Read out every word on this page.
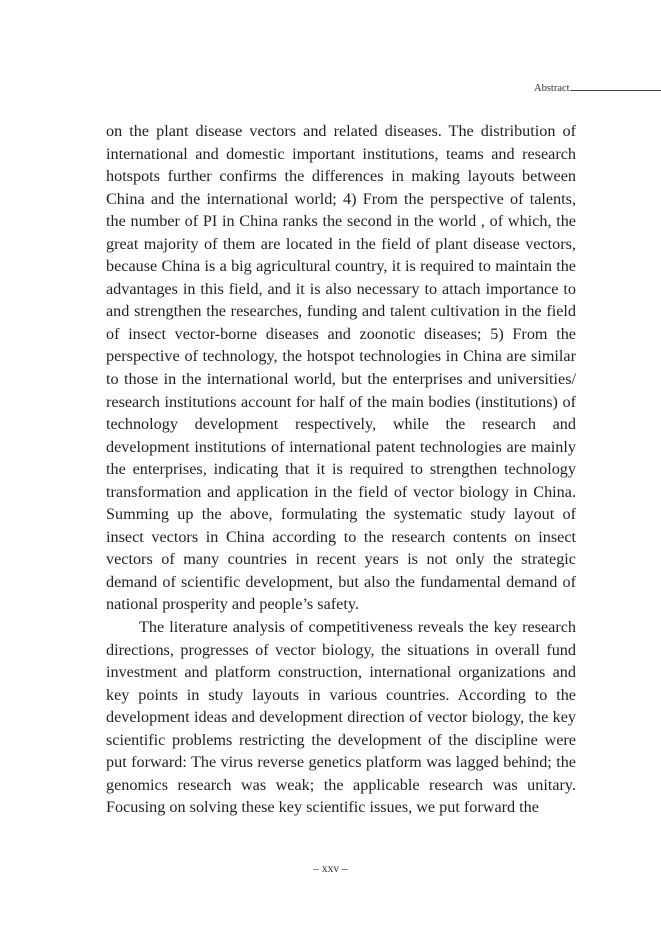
Abstract

on the plant disease vectors and related diseases. The distribution of international and domestic important institutions, teams and research hotspots further confirms the differences in making layouts between China and the international world; 4) From the perspective of talents, the number of PI in China ranks the second in the world , of which, the great majority of them are located in the field of plant disease vectors, because China is a big agricultural country, it is required to maintain the advantages in this field, and it is also necessary to attach importance to and strengthen the researches, funding and talent cultivation in the field of insect vector-borne diseases and zoonotic diseases; 5) From the perspective of technology, the hotspot technologies in China are similar to those in the international world, but the enterprises and universities/ research institutions account for half of the main bodies (institutions) of technology development respectively, while the research and development institutions of international patent technologies are mainly the enterprises, indicating that it is required to strengthen technology transformation and application in the field of vector biology in China. Summing up the above, formulating the systematic study layout of insect vectors in China according to the research contents on insect vectors of many countries in recent years is not only the strategic demand of scientific development, but also the fundamental demand of national prosperity and people’s safety.

The literature analysis of competitiveness reveals the key research directions, progresses of vector biology, the situations in overall fund investment and platform construction, international organizations and key points in study layouts in various countries. According to the development ideas and development direction of vector biology, the key scientific problems restricting the development of the discipline were put forward: The virus reverse genetics platform was lagged behind; the genomics research was weak; the applicable research was unitary. Focusing on solving these key scientific issues, we put forward the

– xxv –
